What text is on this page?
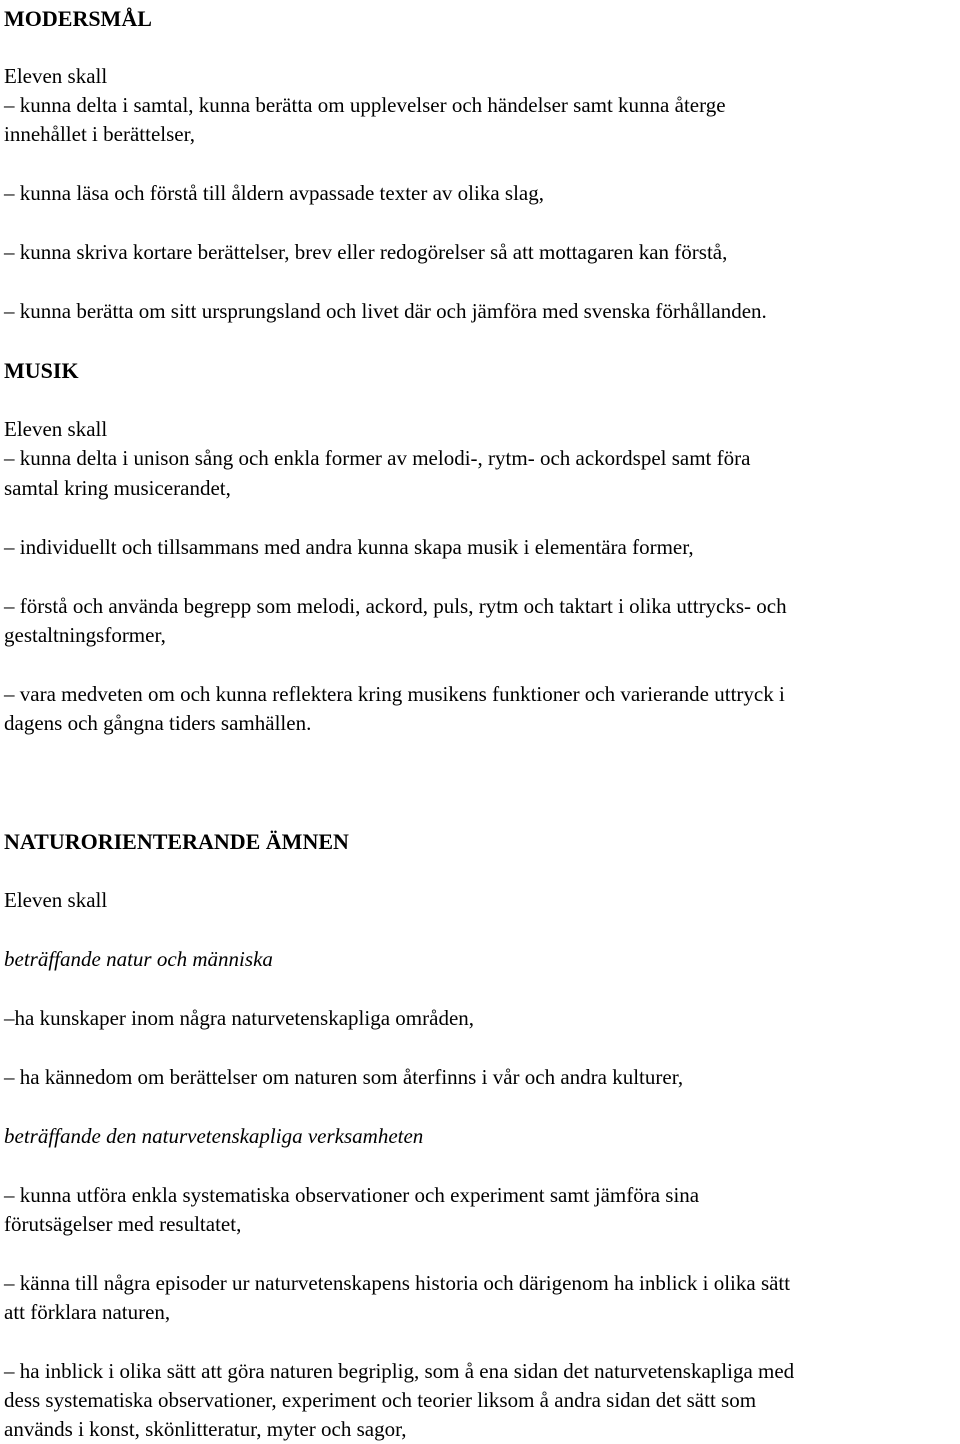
MODERSMÅL
Eleven skall
– kunna delta i samtal, kunna berätta om upplevelser och händelser samt kunna återge
innehållet i berättelser,
– kunna läsa och förstå till åldern avpassade texter av olika slag,
– kunna skriva kortare berättelser, brev eller redogörelser så att mottagaren kan förstå,
– kunna berätta om sitt ursprungsland och livet där och jämföra med svenska förhållanden.
MUSIK
Eleven skall
– kunna delta i unison sång och enkla former av melodi-, rytm- och ackordspel samt föra
samtal kring musicerandet,
– individuellt och tillsammans med andra kunna skapa musik i elementära former,
– förstå och använda begrepp som melodi, ackord, puls, rytm och taktart i olika uttrycks- och
gestaltningsformer,
– vara medveten om och kunna reflektera kring musikens funktioner och varierande uttryck i
dagens och gångna tiders samhällen.
NATURORIENTERANDE ÄMNEN
Eleven skall
beträffande natur och människa
–ha kunskaper inom några naturvetenskapliga områden,
– ha kännedom om berättelser om naturen som återfinns i vår och andra kulturer,
beträffande den naturvetenskapliga verksamheten
– kunna utföra enkla systematiska observationer och experiment samt jämföra sina
förutsägelser med resultatet,
– känna till några episoder ur naturvetenskapens historia och därigenom ha inblick i olika sätt
att förklara naturen,
– ha inblick i olika sätt att göra naturen begriplig, som å ena sidan det naturvetenskapliga med
dess systematiska observationer, experiment och teorier liksom å andra sidan det sätt som
används i konst, skönlitteratur, myter och sagor,
